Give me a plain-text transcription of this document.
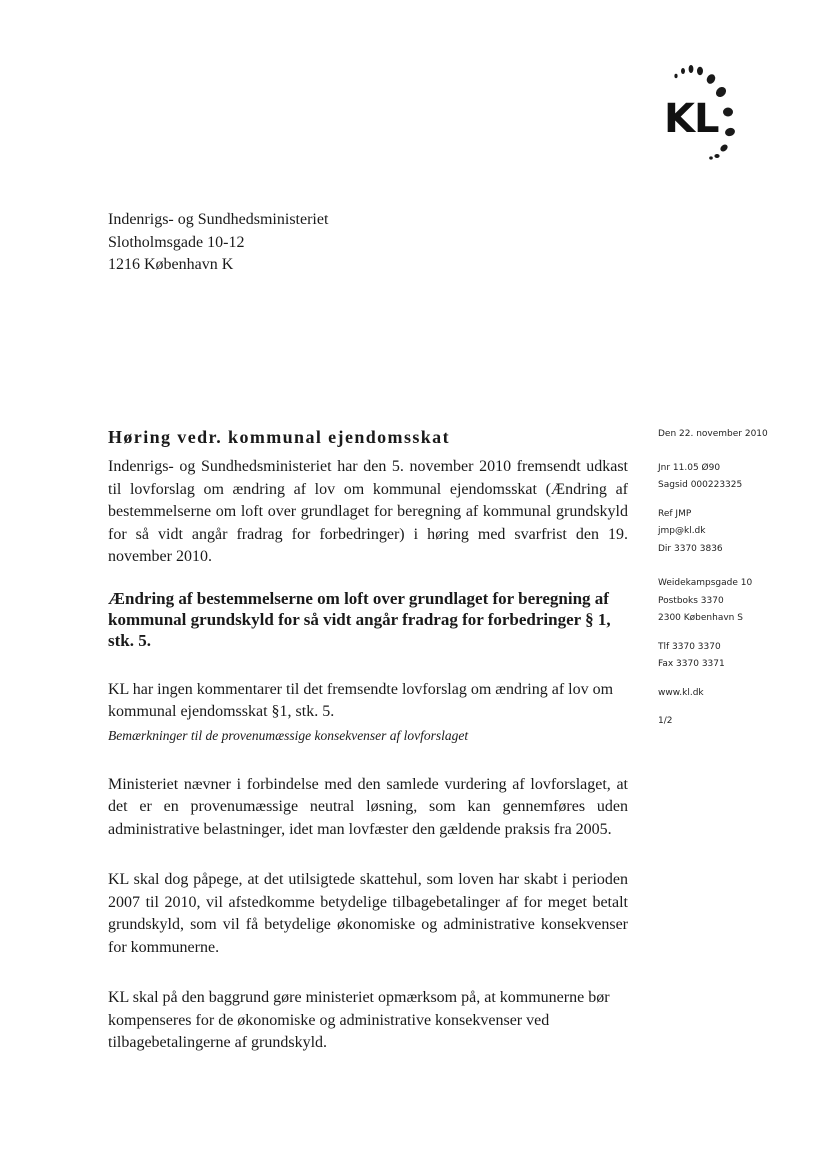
KL
Indenrigs- og Sundhedsministeriet
Slotholmsgade 10-12
1216 København K
Høring vedr. kommunal ejendomsskat

Indenrigs- og Sundhedsministeriet har den 5. november 2010 fremsendt udkast til lovforslag om ændring af lov om kommunal ejendomsskat (Ændring af bestemmelserne om loft over grundlaget for beregning af kommunal grundskyld for så vidt angår fradrag for forbedringer) i høring med svarfrist den 19. november 2010.

Ændring af bestemmelserne om loft over grundlaget for beregning af kommunal grundskyld for så vidt angår fradrag for forbedringer § 1, stk. 5.

KL har ingen kommentarer til det fremsendte lovforslag om ændring af lov om kommunal ejendomsskat §1, stk. 5.

Bemærkninger til de provenumæssige konsekvenser af lovforslaget

Ministeriet nævner i forbindelse med den samlede vurdering af lovforslaget, at det er en provenumæssige neutral løsning, som kan gennemføres uden administrative belastninger, idet man lovfæster den gældende praksis fra 2005.

KL skal dog påpege, at det utilsigtede skattehul, som loven har skabt i perioden 2007 til 2010, vil afstedkomme betydelige tilbagebetalinger af for meget betalt grundskyld, som vil få betydelige økonomiske og administrative konsekvenser for kommunerne.

KL skal på den baggrund gøre ministeriet opmærksom på, at kommunerne bør kompenseres for de økonomiske og administrative konsekvenser ved tilbagebetalingerne af grundskyld.

Den 22. november 2010
Jnr 11.05 Ø90
Sagsid 000223325
Ref JMP
jmp@kl.dk
Dir 3370 3836
Weidekampsgade 10
Postboks 3370
2300 København S
Tlf 3370 3370
Fax 3370 3371
www.kl.dk
1/2
